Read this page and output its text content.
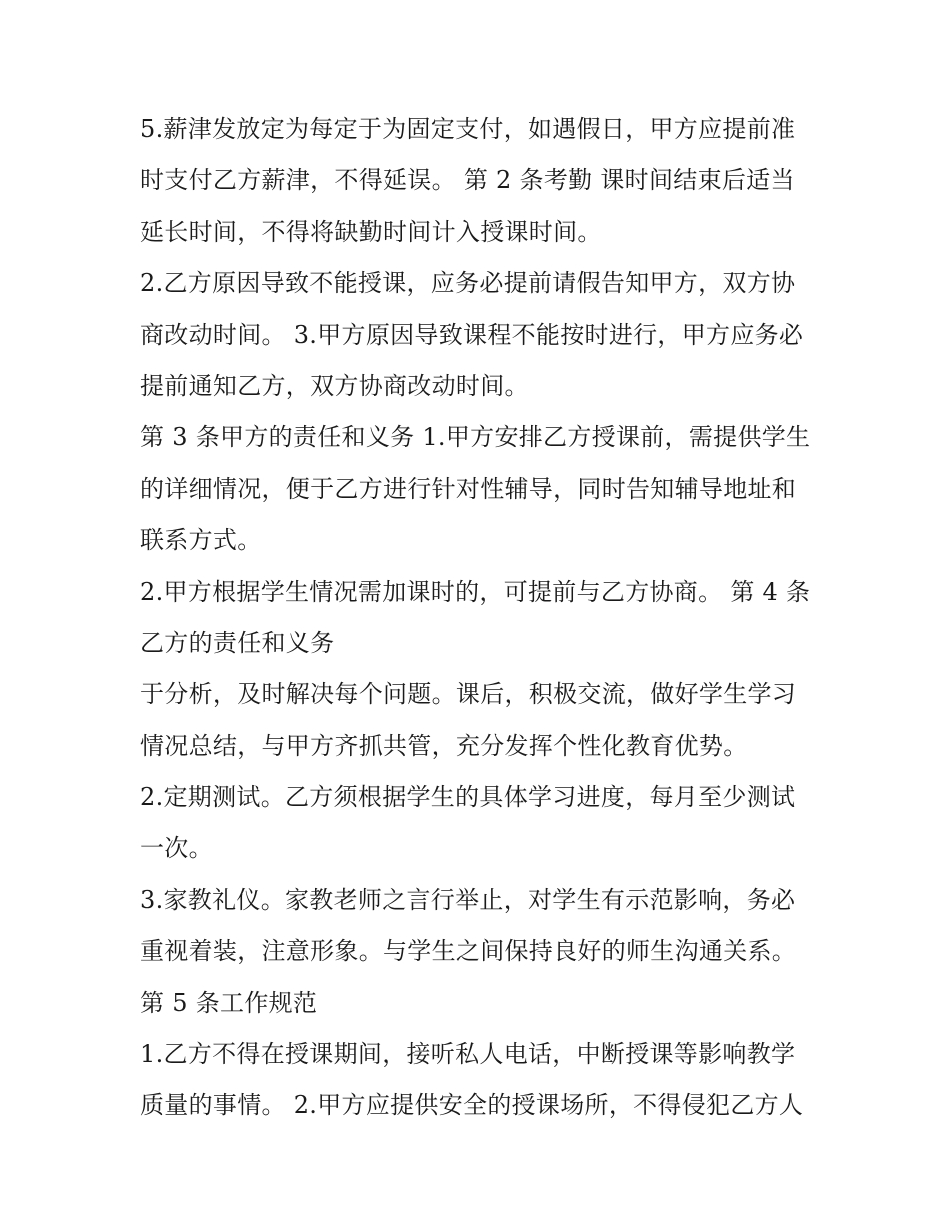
5.薪津发放定为每定于为固定支付，如遇假日，甲方应提前准
时支付乙方薪津，不得延误。 第 2 条考勤 课时间结束后适当
延长时间，不得将缺勤时间计入授课时间。
2.乙方原因导致不能授课，应务必提前请假告知甲方，双方协
商改动时间。 3.甲方原因导致课程不能按时进行，甲方应务必
提前通知乙方，双方协商改动时间。
第 3 条甲方的责任和义务 1.甲方安排乙方授课前，需提供学生
的详细情况，便于乙方进行针对性辅导，同时告知辅导地址和
联系方式。
2.甲方根据学生情况需加课时的，可提前与乙方协商。 第 4 条
乙方的责任和义务
于分析，及时解决每个问题。课后，积极交流，做好学生学习
情况总结，与甲方齐抓共管，充分发挥个性化教育优势。
2.定期测试。乙方须根据学生的具体学习进度，每月至少测试
一次。
3.家教礼仪。家教老师之言行举止，对学生有示范影响，务必
重视着装，注意形象。与学生之间保持良好的师生沟通关系。
第 5 条工作规范
1.乙方不得在授课期间，接听私人电话，中断授课等影响教学
质量的事情。 2.甲方应提供安全的授课场所，不得侵犯乙方人
